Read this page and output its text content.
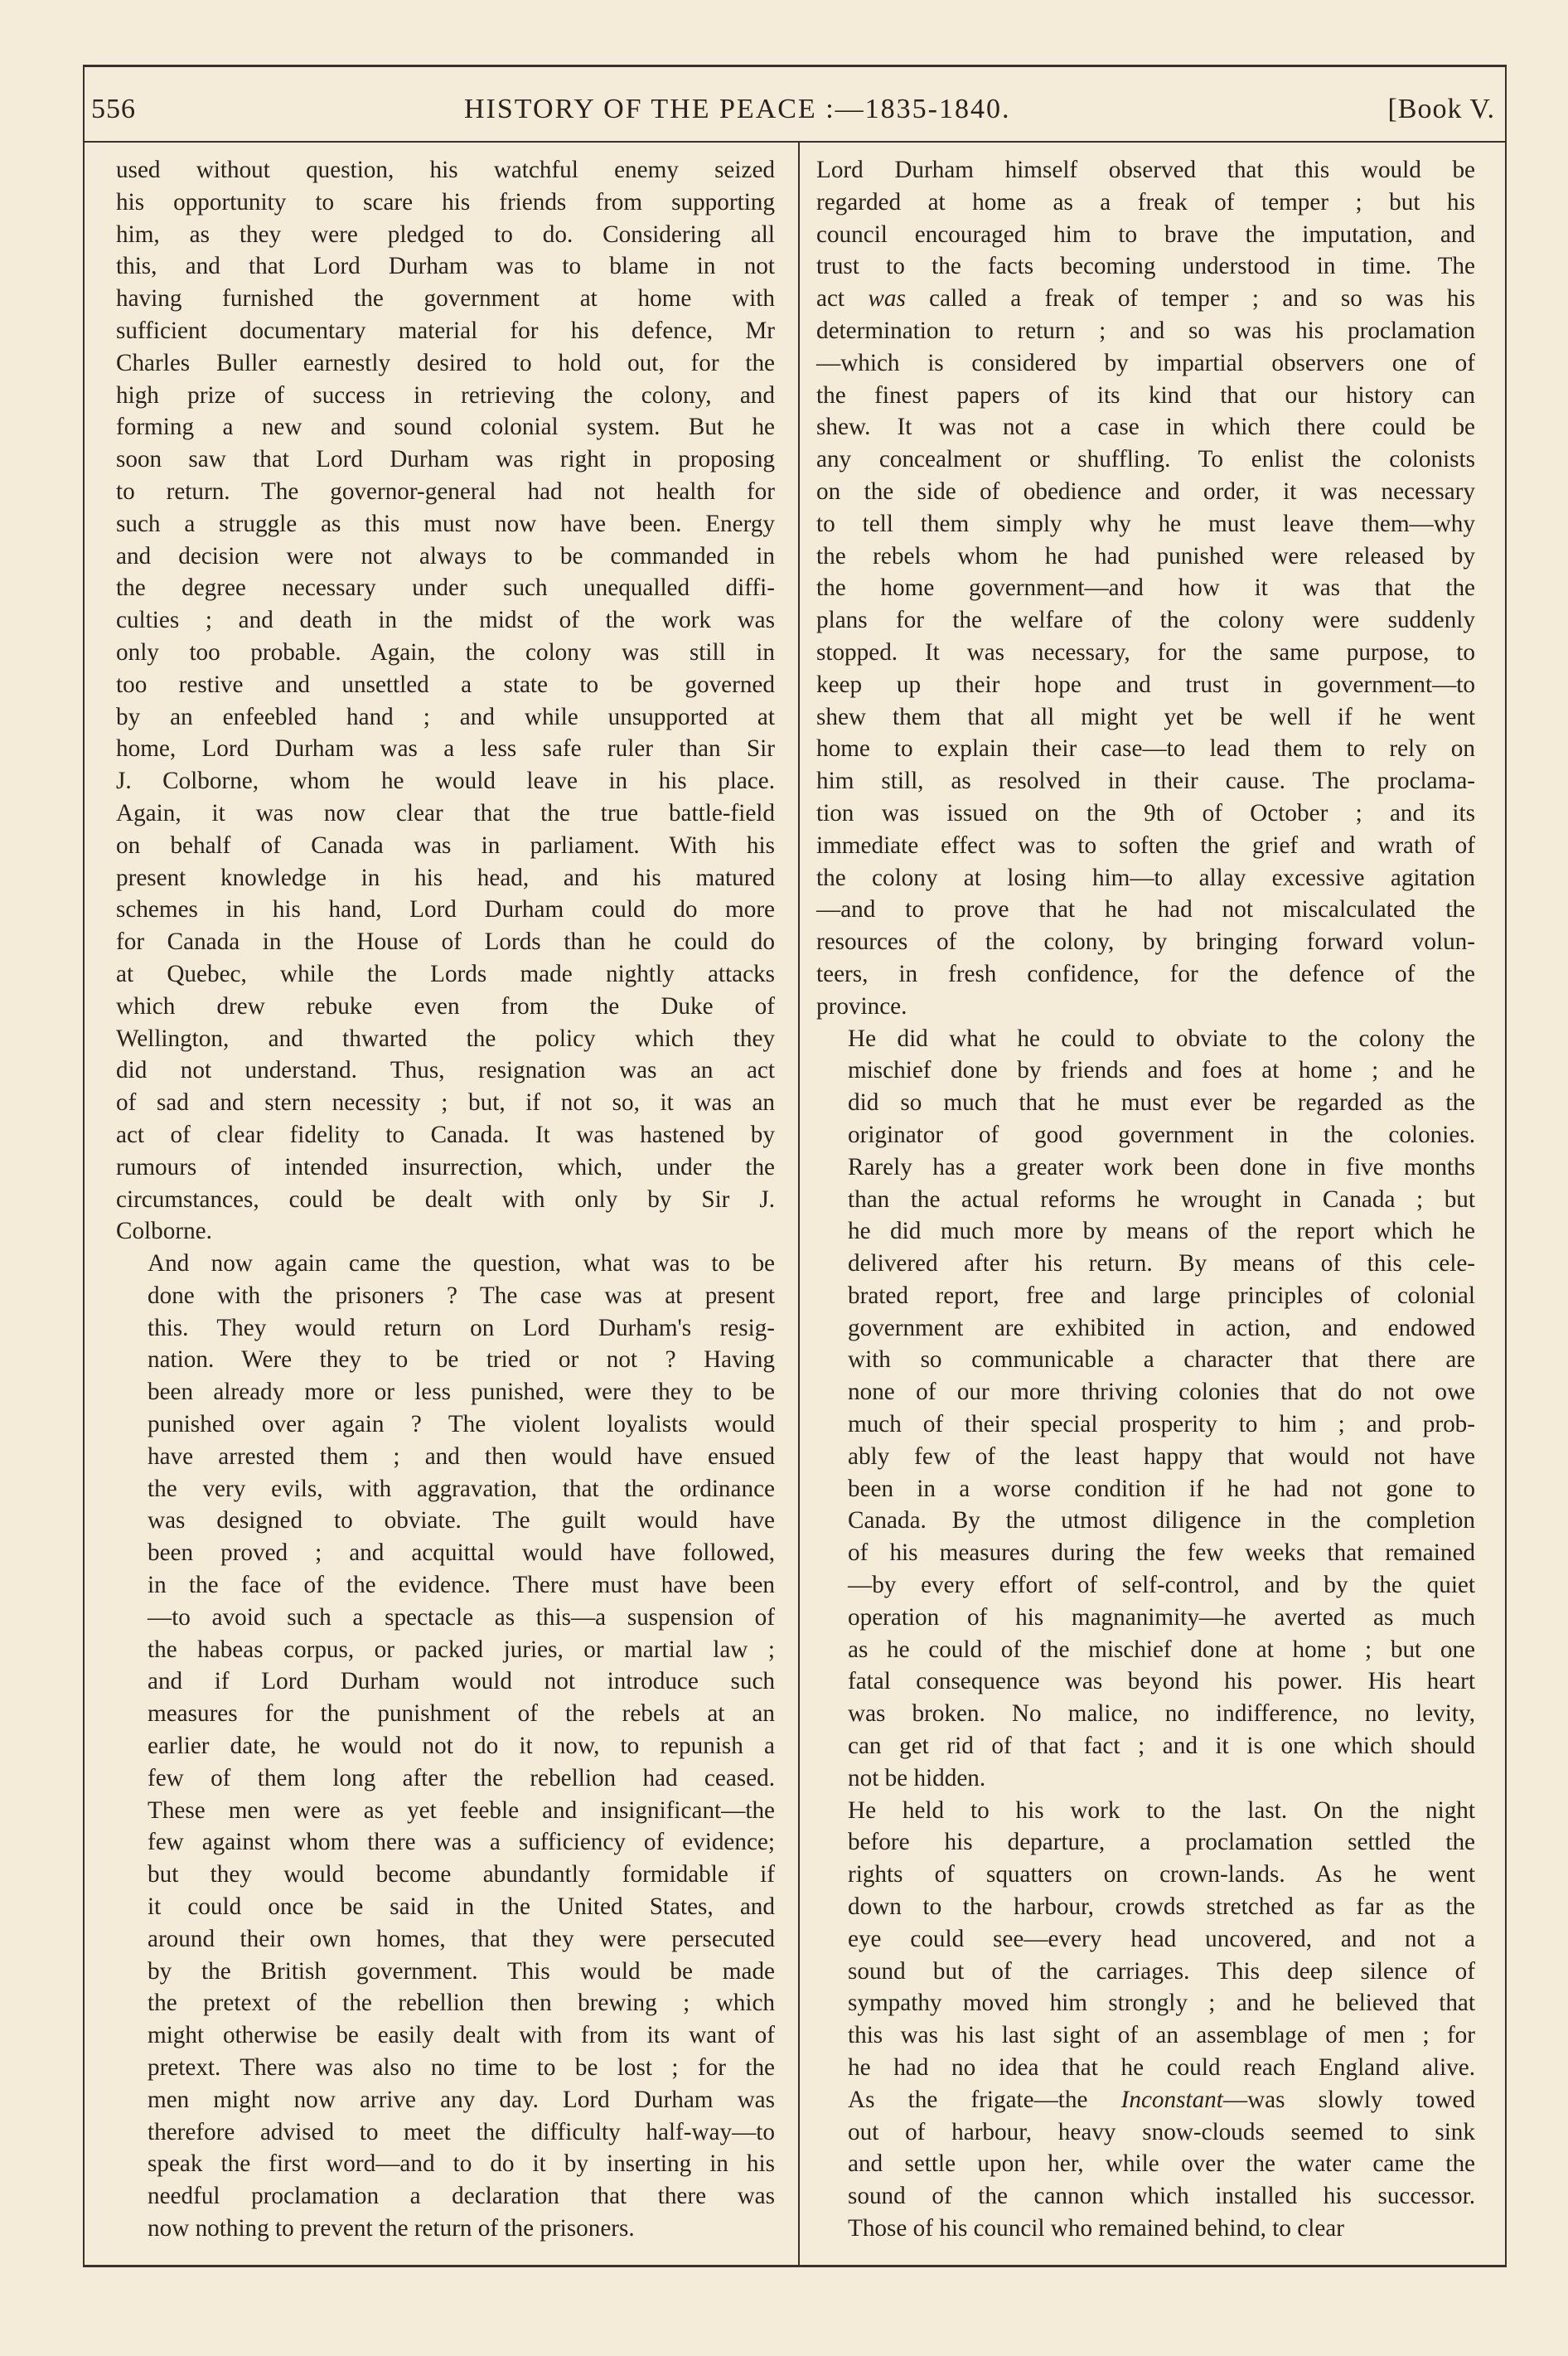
556	HISTORY OF THE PEACE :—1835-1840.	[Book V.
used without question, his watchful enemy seized
his opportunity to scare his friends from supporting
him, as they were pledged to do. Considering all
this, and that Lord Durham was to blame in not
having furnished the government at home with
sufficient documentary material for his defence, Mr
Charles Buller earnestly desired to hold out, for the
high prize of success in retrieving the colony, and
forming a new and sound colonial system. But he
soon saw that Lord Durham was right in proposing
to return. The governor-general had not health for
such a struggle as this must now have been. Energy
and decision were not always to be commanded in
the degree necessary under such unequalled diffi-
culties ; and death in the midst of the work was
only too probable. Again, the colony was still in
too restive and unsettled a state to be governed
by an enfeebled hand ; and while unsupported at
home, Lord Durham was a less safe ruler than Sir
J. Colborne, whom he would leave in his place.
Again, it was now clear that the true battle-field
on behalf of Canada was in parliament. With his
present knowledge in his head, and his matured
schemes in his hand, Lord Durham could do more
for Canada in the House of Lords than he could do
at Quebec, while the Lords made nightly attacks
which drew rebuke even from the Duke of
Wellington, and thwarted the policy which they
did not understand. Thus, resignation was an act
of sad and stern necessity ; but, if not so, it was an
act of clear fidelity to Canada. It was hastened by
rumours of intended insurrection, which, under the
circumstances, could be dealt with only by Sir J.
Colborne.
And now again came the question, what was to be
done with the prisoners ? The case was at present
this. They would return on Lord Durham's resig-
nation. Were they to be tried or not ? Having
been already more or less punished, were they to be
punished over again ? The violent loyalists would
have arrested them ; and then would have ensued
the very evils, with aggravation, that the ordinance
was designed to obviate. The guilt would have
been proved ; and acquittal would have followed,
in the face of the evidence. There must have been
—to avoid such a spectacle as this—a suspension of
the habeas corpus, or packed juries, or martial law ;
and if Lord Durham would not introduce such
measures for the punishment of the rebels at an
earlier date, he would not do it now, to repunish a
few of them long after the rebellion had ceased.
These men were as yet feeble and insignificant—the
few against whom there was a sufficiency of evidence;
but they would become abundantly formidable if
it could once be said in the United States, and
around their own homes, that they were persecuted
by the British government. This would be made
the pretext of the rebellion then brewing ; which
might otherwise be easily dealt with from its want of
pretext. There was also no time to be lost ; for the
men might now arrive any day. Lord Durham was
therefore advised to meet the difficulty half-way—to
speak the first word—and to do it by inserting in his
needful proclamation a declaration that there was
now nothing to prevent the return of the prisoners.
Lord Durham himself observed that this would be
regarded at home as a freak of temper ; but his
council encouraged him to brave the imputation, and
trust to the facts becoming understood in time. The
act was called a freak of temper ; and so was his
determination to return ; and so was his proclamation
—which is considered by impartial observers one of
the finest papers of its kind that our history can
shew. It was not a case in which there could be
any concealment or shuffling. To enlist the colonists
on the side of obedience and order, it was necessary
to tell them simply why he must leave them—why
the rebels whom he had punished were released by
the home government—and how it was that the
plans for the welfare of the colony were suddenly
stopped. It was necessary, for the same purpose, to
keep up their hope and trust in government—to
shew them that all might yet be well if he went
home to explain their case—to lead them to rely on
him still, as resolved in their cause. The proclama-
tion was issued on the 9th of October ; and its
immediate effect was to soften the grief and wrath of
the colony at losing him—to allay excessive agitation
—and to prove that he had not miscalculated the
resources of the colony, by bringing forward volun-
teers, in fresh confidence, for the defence of the
province.
He did what he could to obviate to the colony the
mischief done by friends and foes at home ; and he
did so much that he must ever be regarded as the
originator of good government in the colonies.
Rarely has a greater work been done in five months
than the actual reforms he wrought in Canada ; but
he did much more by means of the report which he
delivered after his return. By means of this cele-
brated report, free and large principles of colonial
government are exhibited in action, and endowed
with so communicable a character that there are
none of our more thriving colonies that do not owe
much of their special prosperity to him ; and prob-
ably few of the least happy that would not have
been in a worse condition if he had not gone to
Canada. By the utmost diligence in the completion
of his measures during the few weeks that remained
—by every effort of self-control, and by the quiet
operation of his magnanimity—he averted as much
as he could of the mischief done at home ; but one
fatal consequence was beyond his power. His heart
was broken. No malice, no indifference, no levity,
can get rid of that fact ; and it is one which should
not be hidden.
He held to his work to the last. On the night
before his departure, a proclamation settled the
rights of squatters on crown-lands. As he went
down to the harbour, crowds stretched as far as the
eye could see—every head uncovered, and not a
sound but of the carriages. This deep silence of
sympathy moved him strongly ; and he believed that
this was his last sight of an assemblage of men ; for
he had no idea that he could reach England alive.
As the frigate—the Inconstant—was slowly towed
out of harbour, heavy snow-clouds seemed to sink
and settle upon her, while over the water came the
sound of the cannon which installed his successor.
Those of his council who remained behind, to clear
